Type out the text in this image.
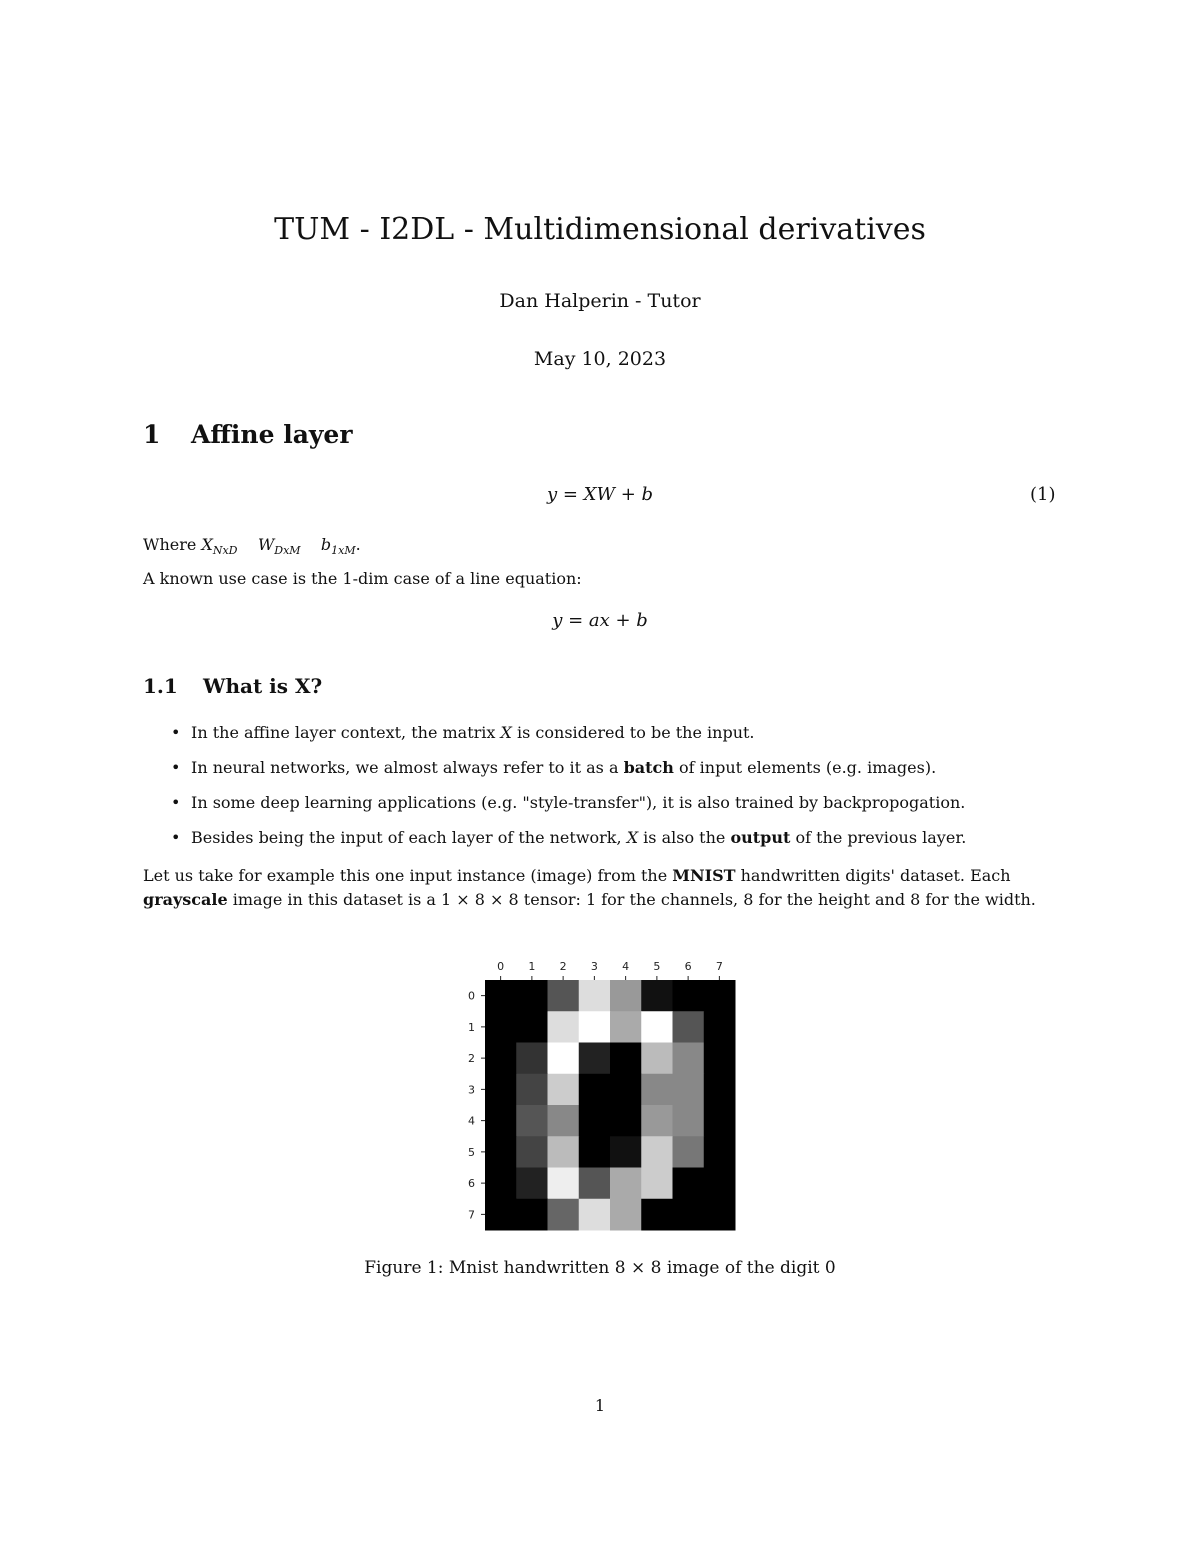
TUM - I2DL - Multidimensional derivatives
Dan Halperin - Tutor
May 10, 2023
1 Affine layer
y = XW + b	(1)
Where $X_{NxD}$ $W_{DxM}$ $b_{1xM}$.
A known use case is the 1-dim case of a line equation:
y = ax + b
1.1 What is X?
• In the affine layer context, the matrix X is considered to be the input.
• In neural networks, we almost always refer to it as a batch of input elements (e.g. images).
• In some deep learning applications (e.g. "style-transfer"), it is also trained by backpropogation.
• Besides being the input of each layer of the network, X is also the output of the previous layer.
Let us take for example this one input instance (image) from the MNIST handwritten digits' dataset. Each grayscale image in this dataset is a 1 × 8 × 8 tensor: 1 for the channels, 8 for the height and 8 for the width.
0 1 2 3 4 5 6 7
0
1
2
3
4
5
6
7
Figure 1: Mnist handwritten 8 × 8 image of the digit 0
1
